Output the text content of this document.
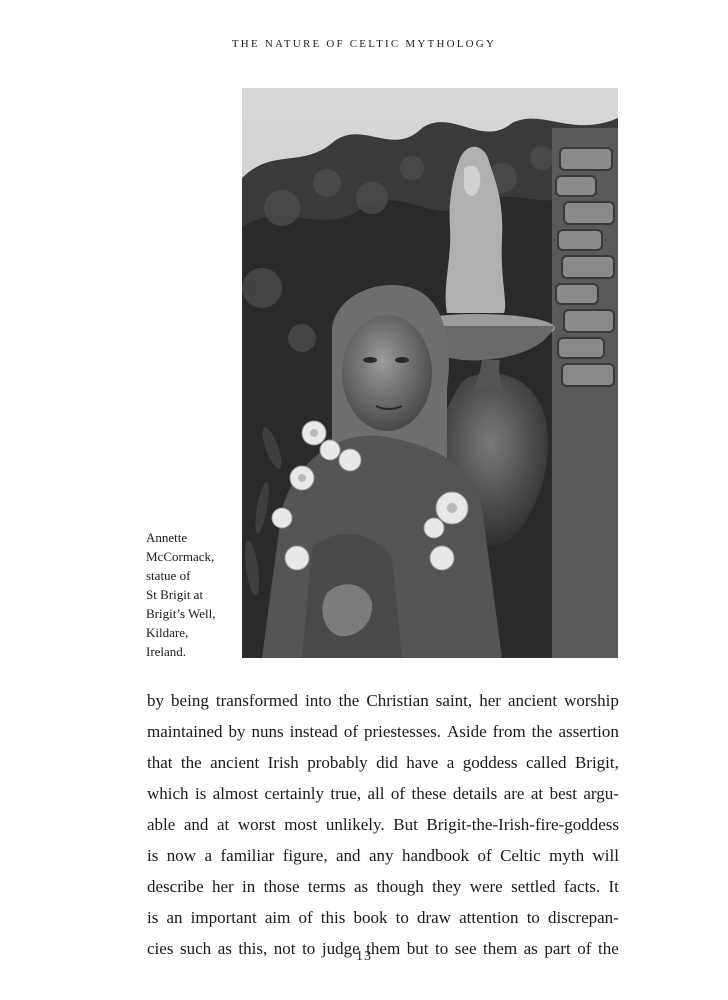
THE NATURE OF CELTIC MYTHOLOGY
Annette
McCormack,
statue of
St Brigit at
Brigit’s Well,
Kildare,
Ireland.
by being transformed into the Christian saint, her ancient worship
maintained by nuns instead of priestesses. Aside from the assertion
that the ancient Irish probably did have a goddess called Brigit,
which is almost certainly true, all of these details are at best argu-
able and at worst most unlikely. But Brigit-the-Irish-fire-goddess
is now a familiar figure, and any handbook of Celtic myth will
describe her in those terms as though they were settled facts. It
is an important aim of this book to draw attention to discrepan-
cies such as this, not to judge them but to see them as part of the
13
